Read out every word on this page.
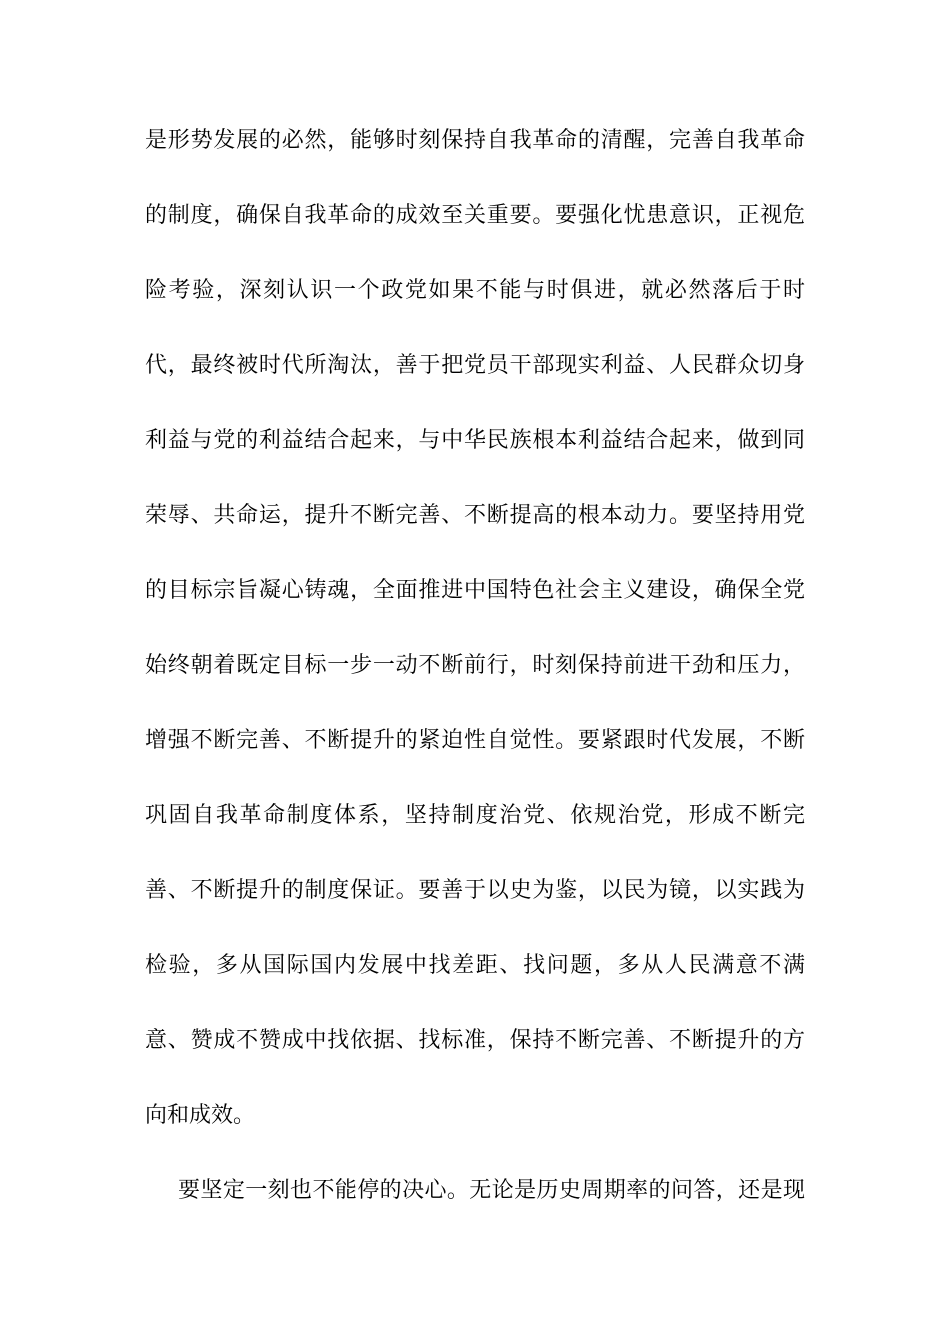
是形势发展的必然，能够时刻保持自我革命的清醒，完善自我革命
的制度，确保自我革命的成效至关重要。要强化忧患意识，正视危
险考验，深刻认识一个政党如果不能与时俱进，就必然落后于时
代，最终被时代所淘汰，善于把党员干部现实利益、人民群众切身
利益与党的利益结合起来，与中华民族根本利益结合起来，做到同
荣辱、共命运，提升不断完善、不断提高的根本动力。要坚持用党
的目标宗旨凝心铸魂，全面推进中国特色社会主义建设，确保全党
始终朝着既定目标一步一动不断前行，时刻保持前进干劲和压力，
增强不断完善、不断提升的紧迫性自觉性。要紧跟时代发展，不断
巩固自我革命制度体系，坚持制度治党、依规治党，形成不断完
善、不断提升的制度保证。要善于以史为鉴，以民为镜，以实践为
检验，多从国际国内发展中找差距、找问题，多从人民满意不满
意、赞成不赞成中找依据、找标准，保持不断完善、不断提升的方
向和成效。
要坚定一刻也不能停的决心。无论是历史周期率的问答，还是现
